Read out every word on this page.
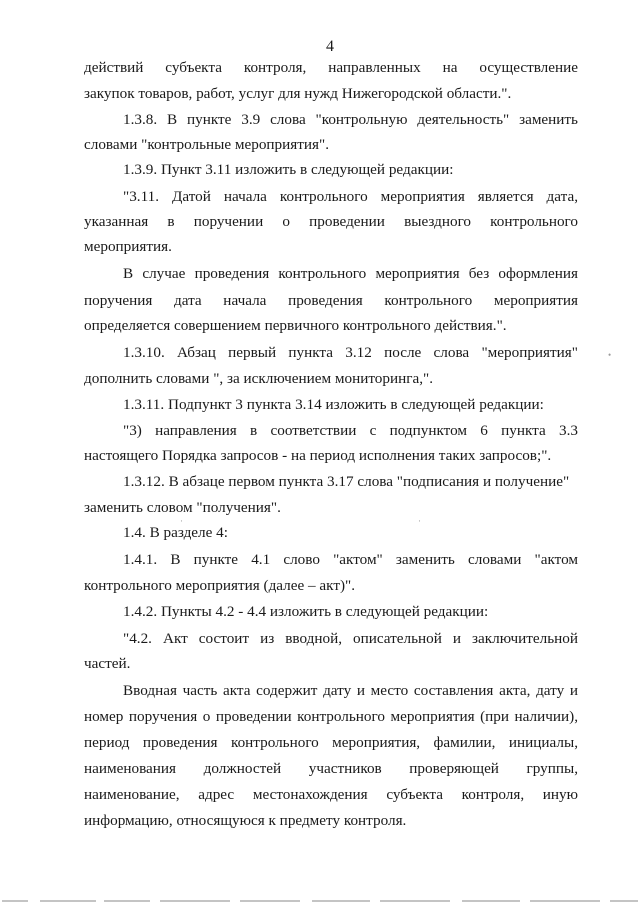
4
действий субъекта контроля, направленных на осуществление
закупок товаров, работ, услуг для нужд Нижегородской области.".
1.3.8. В пункте 3.9 слова "контрольную деятельность" заменить
словами "контрольные мероприятия".
1.3.9. Пункт 3.11 изложить в следующей редакции:
"3.11. Датой начала контрольного мероприятия является дата,
указанная в поручении о проведении выездного контрольного
мероприятия.
В случае проведения контрольного мероприятия без оформления
поручения дата начала проведения контрольного мероприятия
определяется совершением первичного контрольного действия.".
1.3.10. Абзац первый пункта 3.12 после слова "мероприятия"
дополнить словами ", за исключением мониторинга,".
1.3.11. Подпункт 3 пункта 3.14 изложить в следующей редакции:
"3) направления в соответствии с подпунктом 6 пункта 3.3
настоящего Порядка запросов - на период исполнения таких запросов;".
1.3.12. В абзаце первом пункта 3.17 слова "подписания и получение"
заменить словом "получения".
1.4. В разделе 4:
1.4.1. В пункте 4.1 слово "актом" заменить словами "актом
контрольного мероприятия (далее – акт)".
1.4.2. Пункты 4.2 - 4.4 изложить в следующей редакции:
"4.2. Акт состоит из вводной, описательной и заключительной
частей.
Вводная часть акта содержит дату и место составления акта, дату и
номер поручения о проведении контрольного мероприятия (при наличии),
период проведения контрольного мероприятия, фамилии, инициалы,
наименования должностей участников проверяющей группы,
наименование, адрес местонахождения субъекта контроля, иную
информацию, относящуюся к предмету контроля.
•
·	·
